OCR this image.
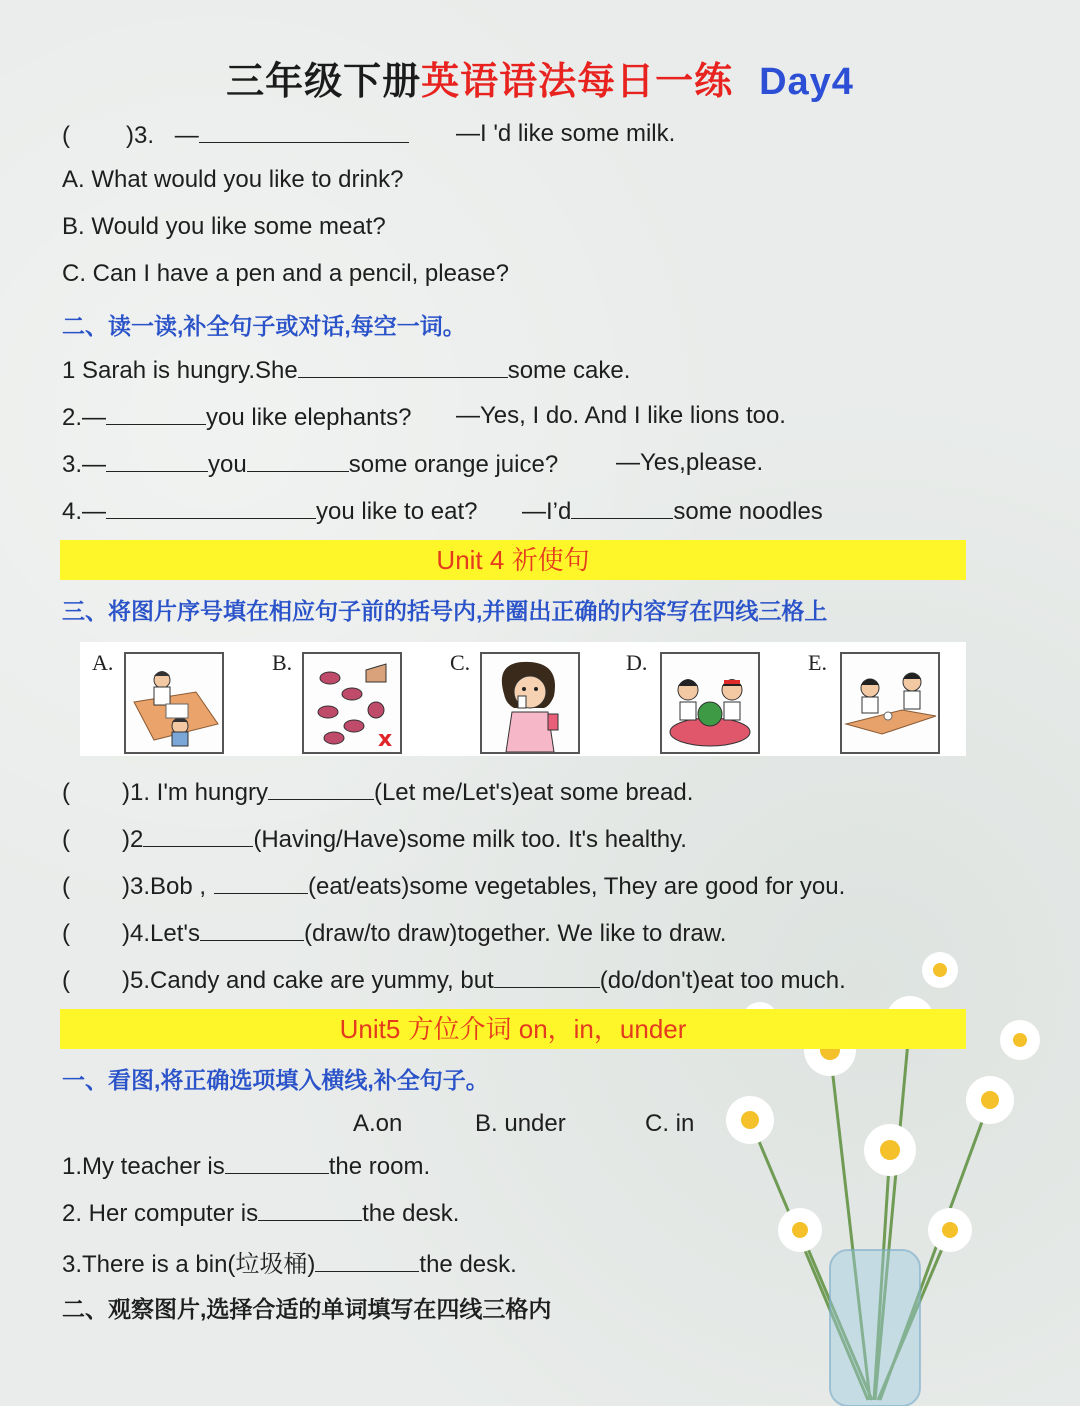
三年级下册英语语法每日一练 Day4
( )3. —	—I 'd like some milk.
A. What would you like to drink?
B. Would you like some meat?
C. Can I have a pen and a pencil, please?
二、读一读,补全句子或对话,每空一词。
1 Sarah is hungry.She	some cake.
2.—	you like elephants? —Yes, I do. And I like lions too.
3.—	you	some orange juice? —Yes,please.
4.—	you like to eat? —I’d	some noodles
Unit 4 祈使句
三、将图片序号填在相应句子前的括号内,并圈出正确的内容写在四线三格上
A.	B.
x
C.	D.	E.
( )1. I'm hungry	(Let me/Let's)eat some bread.
( )2	(Having/Have)some milk too. It's healthy.
( )3.Bob ,	(eat/eats)some vegetables, They are good for you.
( )4.Let's	(draw/to draw)together. We like to draw.
( )5.Candy and cake are yummy, but	(do/don't)eat too much.
Unit5 方位介词 on，in，under
一、看图,将正确选项填入横线,补全句子。
A.on	B. under	C. in
1.My teacher is	the room.
2. Her computer is	the desk.
3.There is a bin(垃圾桶)	the desk.
二、观察图片,选择合适的单词填写在四线三格内
